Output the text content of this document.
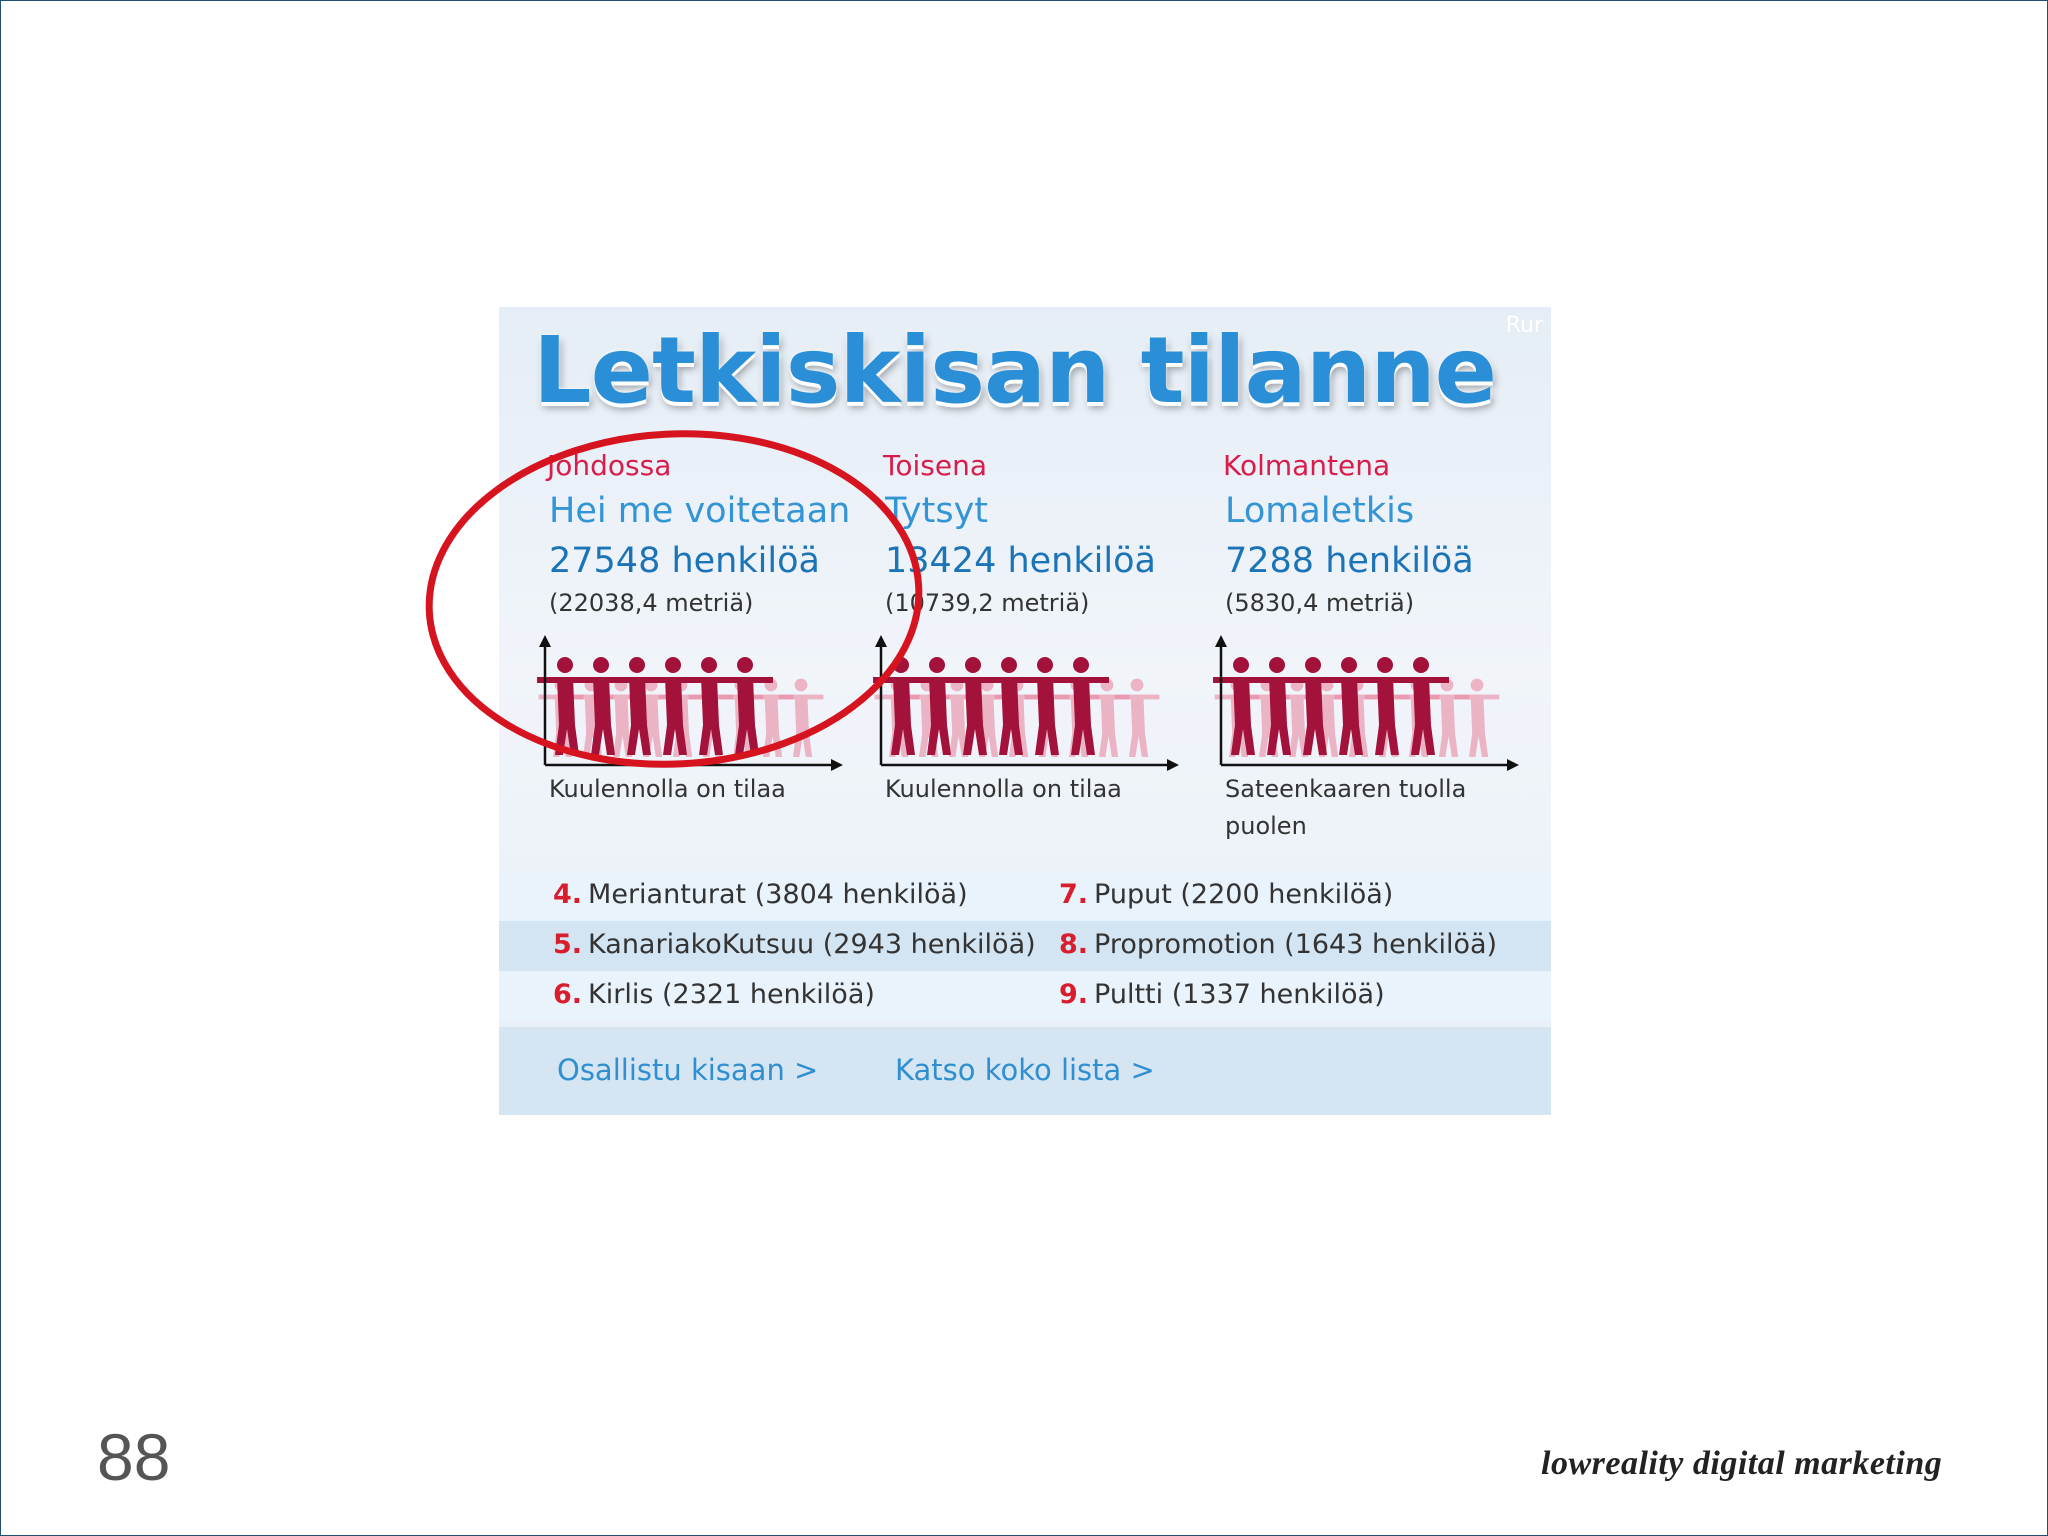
Letkiskisan tilanne Rur
Johdossa
Hei me voitetaan
27548 henkilöä
(22038,4 metriä)
Kuulennolla on tilaa
Toisena
Tytsyt
13424 henkilöä
(10739,2 metriä)
Kuulennolla on tilaa
Kolmantena
Lomaletkis
7288 henkilöä
(5830,4 metriä)
Sateenkaaren tuolla puolen
4. Merianturat (3804 henkilöä)	7. Puput (2200 henkilöä)
5. KanariakoKutsuu (2943 henkilöä) 8. Propromotion (1643 henkilöä)
6. Kirlis (2321 henkilöä)	9. Pultti (1337 henkilöä)
Osallistu kisaan >	Katso koko lista >
88	lowreality digital marketing
